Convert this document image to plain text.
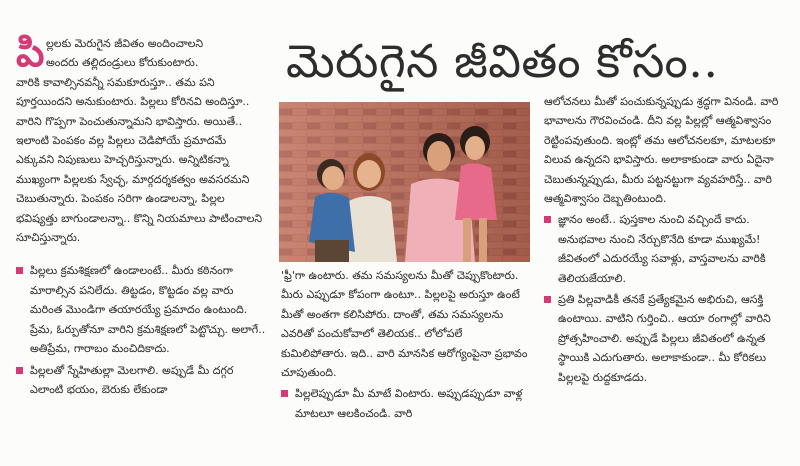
పి ల్లలకు మెరుగైన జీవితం అందించాలని

అందరు తల్లిదండ్రులు కోరుకుంటారు.

వారికి కావాల్సినవన్నీ సమకూరుస్తూ.. తమ పని పూర్తయిందని అనుకుంటారు. పిల్లలు కోరినవి అందిస్తూ.. వారిని గొప్పగా పెంచుతున్నామని భావిస్తారు. అయితే.. ఇలాంటి పెంపకం వల్ల పిల్లలు చెడిపోయే ప్రమాదమే ఎక్కువని నిపుణులు హెచ్చరిస్తున్నారు. అన్నిటికన్నా ముఖ్యంగా పిల్లలకు స్వేచ్ఛ, మార్గదర్శకత్వం అవసరమని చెబుతున్నారు. పెంపకం సరిగా ఉండాలన్నా, పిల్లల భవిష్యత్తు బాగుండాలన్నా.. కొన్ని నియమాలు పాటించాలని సూచిస్తున్నారు.

పిల్లలు క్రమశిక్షణలో ఉండాలంటే.. మీరు కఠినంగా మారాల్సిన పనిలేదు. తిట్టడం, కొట్టడం వల్ల వారు మరింత మొండిగా తయారయ్యే ప్రమాదం ఉంటుంది. ప్రేమ, ఓర్పుతోనూ వారిని క్రమశిక్షణలో పెట్టొచ్చు. అలాగే.. అతిప్రేమ, గారాబం మంచిదికాదు.

పిల్లలతో స్నేహితుల్లా మెలగాలి. అప్పుడే మీ దగ్గర ఎలాంటి భయం, బెరుకు లేకుండా

మెరుగైన జీవితం కోసం..

'ఫ్రీ'గా ఉంటారు. తమ సమస్యలను మీతో చెప్పుకొంటారు. మీరు ఎప్పుడూ కోపంగా ఉంటూ.. పిల్లలపై అరుస్తూ ఉంటే మీతో అంతగా కలిసిపోరు. దాంతో, తమ సమస్యలను ఎవరితో పంచుకోవాలో తెలియక.. లోలోపలే కుమిలిపోతారు. ఇది.. వారి మానసిక ఆరోగ్యంపైనా ప్రభావం చూపుతుంది.

పిల్లలెప్పుడూ మీ మాటే వింటారు. అప్పుడప్పుడూ వాళ్ల మాటలూ ఆలకించండి. వారి

ఆలోచనలు మీతో పంచుకున్నప్పుడు శ్రద్ధగా వినండి. వారి భావాలను గౌరవించండి. దీని వల్ల పిల్లల్లో ఆత్మవిశ్వాసం రెట్టింపవుతుంది. ఇంట్లో తమ ఆలోచనలకూ, మాటలకూ విలువ ఉన్నదని భావిస్తారు. అలాకాకుండా వారు ఏదైనా చెబుతున్నప్పుడు, మీరు పట్టనట్టుగా వ్యవహరిస్తే.. వారి ఆత్మవిశ్వాసం దెబ్బతింటుంది.

జ్ఞానం అంటే.. పుస్తకాల నుంచి వచ్చిందే కాదు. అనుభవాల నుంచి నేర్చుకొనేది కూడా ముఖ్యమే! జీవితంలో ఎదురయ్యే సవాళ్లు, వాస్తవాలను వారికి తెలియజేయాలి.

ప్రతి పిల్లవాడికీ తనకే ప్రత్యేకమైన అభిరుచి, ఆసక్తి ఉంటాయి. వాటిని గుర్తించి.. ఆయా రంగాల్లో వారిని ప్రోత్సహించాలి. అప్పుడే పిల్లలు జీవితంలో ఉన్నత స్థాయికి ఎదుగుతారు. అలాకాకుండా.. మీ కోరికలు పిల్లలపై రుద్దకూడదు.
